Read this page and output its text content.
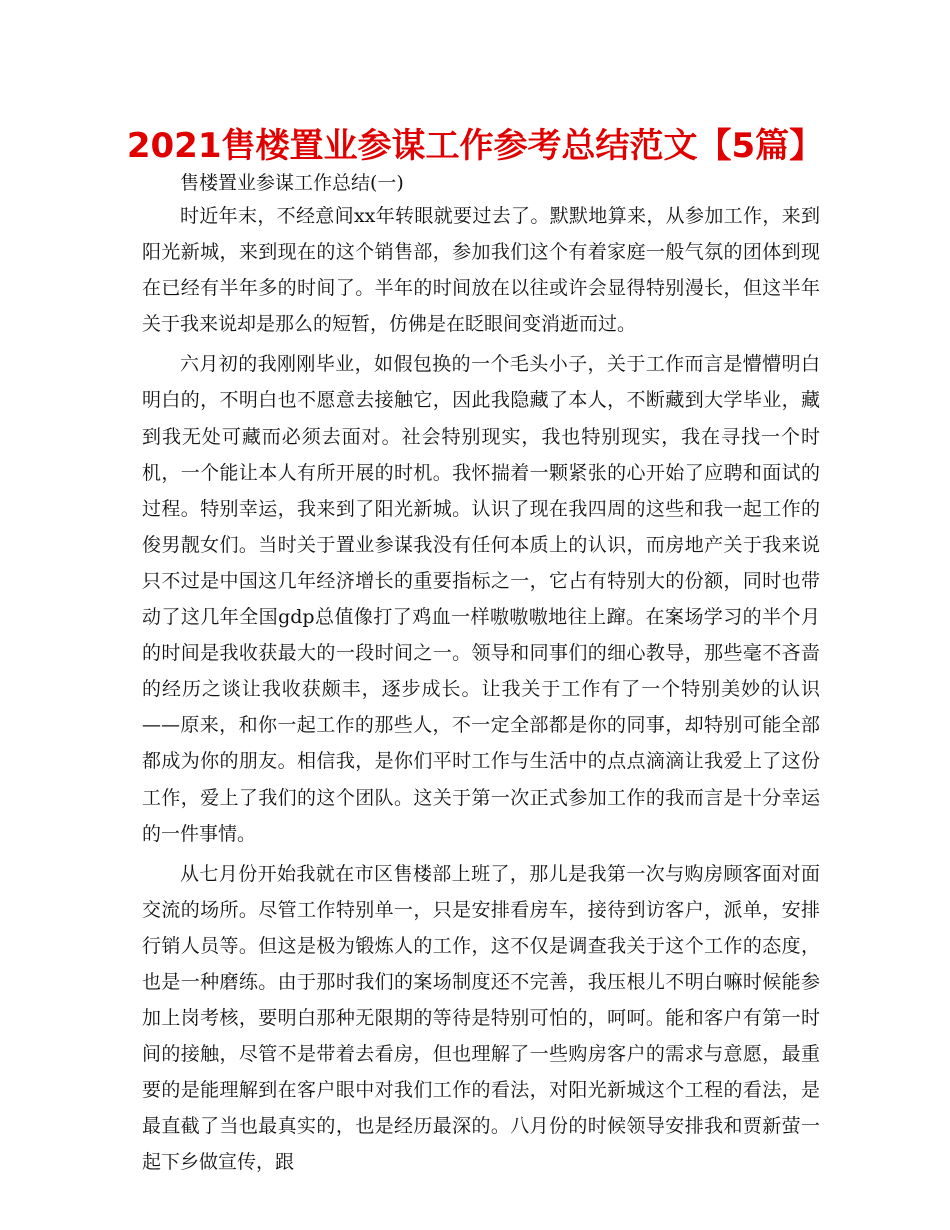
2021售楼置业参谋工作参考总结范文【5篇】
售楼置业参谋工作总结(一)

时近年末，不经意间xx年转眼就要过去了。默默地算来，从参加工作，来到阳光新城，来到现在的这个销售部，参加我们这个有着家庭一般气氛的团体到现在已经有半年多的时间了。半年的时间放在以往或许会显得特别漫长，但这半年关于我来说却是那么的短暂，仿佛是在眨眼间变消逝而过。

六月初的我刚刚毕业，如假包换的一个毛头小子，关于工作而言是懵懵明白明白的，不明白也不愿意去接触它，因此我隐藏了本人，不断藏到大学毕业，藏到我无处可藏而必须去面对。社会特别现实，我也特别现实，我在寻找一个时机，一个能让本人有所开展的时机。我怀揣着一颗紧张的心开始了应聘和面试的过程。特别幸运，我来到了阳光新城。认识了现在我四周的这些和我一起工作的俊男靓女们。当时关于置业参谋我没有任何本质上的认识，而房地产关于我来说只不过是中国这几年经济增长的重要指标之一，它占有特别大的份额，同时也带动了这几年全国gdp总值像打了鸡血一样嗷嗷嗷地往上蹿。在案场学习的半个月的时间是我收获最大的一段时间之一。领导和同事们的细心教导，那些毫不吝啬的经历之谈让我收获颇丰，逐步成长。让我关于工作有了一个特别美妙的认识——原来，和你一起工作的那些人，不一定全部都是你的同事，却特别可能全部都成为你的朋友。相信我，是你们平时工作与生活中的点点滴滴让我爱上了这份工作，爱上了我们的这个团队。这关于第一次正式参加工作的我而言是十分幸运的一件事情。

从七月份开始我就在市区售楼部上班了，那儿是我第一次与购房顾客面对面交流的场所。尽管工作特别单一，只是安排看房车，接待到访客户，派单，安排行销人员等。但这是极为锻炼人的工作，这不仅是调查我关于这个工作的态度，也是一种磨练。由于那时我们的案场制度还不完善，我压根儿不明白嘛时候能参加上岗考核，要明白那种无限期的等待是特别可怕的，呵呵。能和客户有第一时间的接触，尽管不是带着去看房，但也理解了一些购房客户的需求与意愿，最重要的是能理解到在客户眼中对我们工作的看法，对阳光新城这个工程的看法，是最直截了当也最真实的，也是经历最深的。八月份的时候领导安排我和贾新萤一起下乡做宣传，跟
